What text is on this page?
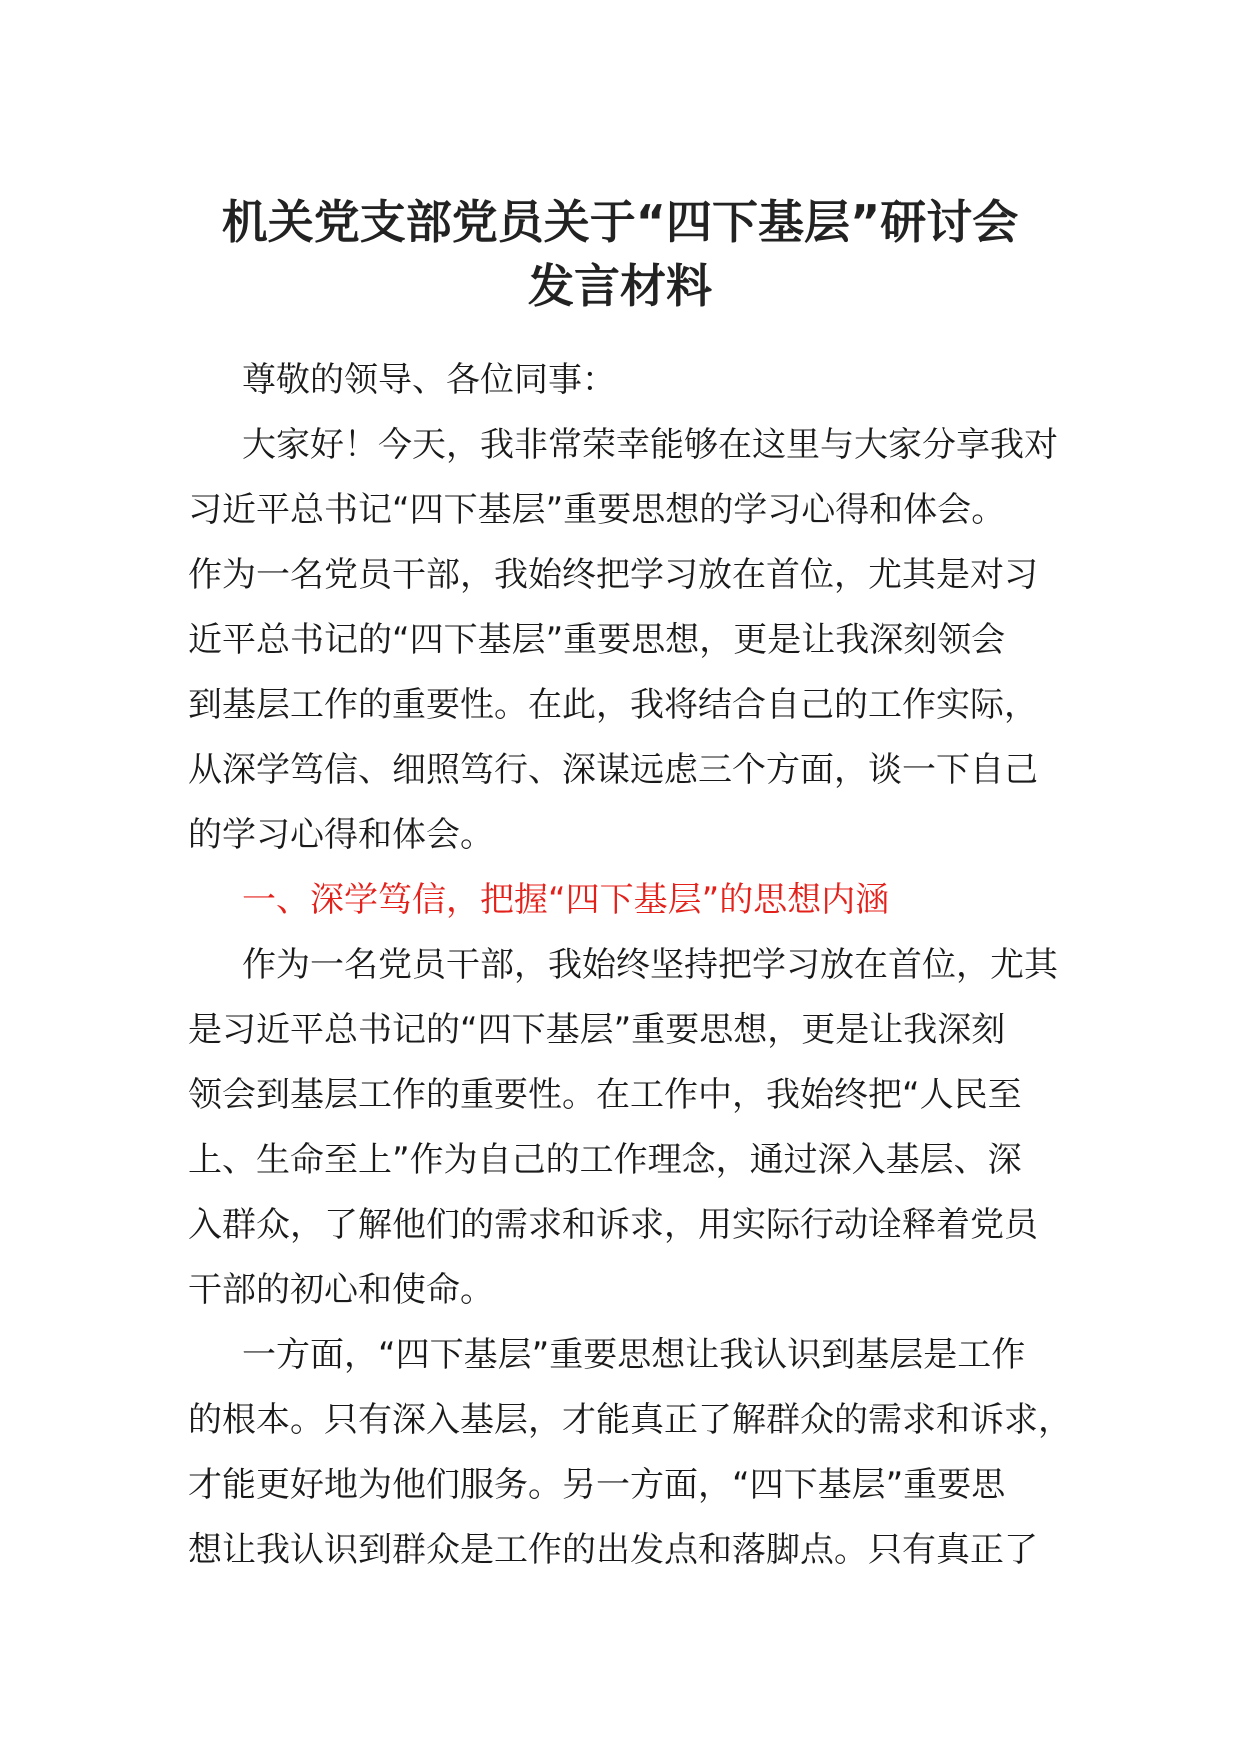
机关党支部党员关于“四下基层”研讨会
发言材料
尊敬的领导、各位同事：
大家好！今天，我非常荣幸能够在这里与大家分享我对
习近平总书记“四下基层”重要思想的学习心得和体会。
作为一名党员干部，我始终把学习放在首位，尤其是对习
近平总书记的“四下基层”重要思想，更是让我深刻领会
到基层工作的重要性。在此，我将结合自己的工作实际，
从深学笃信、细照笃行、深谋远虑三个方面，谈一下自己
的学习心得和体会。
一、深学笃信，把握“四下基层”的思想内涵
作为一名党员干部，我始终坚持把学习放在首位，尤其
是习近平总书记的“四下基层”重要思想，更是让我深刻
领会到基层工作的重要性。在工作中，我始终把“人民至
上、生命至上”作为自己的工作理念，通过深入基层、深
入群众，了解他们的需求和诉求，用实际行动诠释着党员
干部的初心和使命。
一方面，“四下基层”重要思想让我认识到基层是工作
的根本。只有深入基层，才能真正了解群众的需求和诉求，
才能更好地为他们服务。另一方面，“四下基层”重要思
想让我认识到群众是工作的出发点和落脚点。只有真正了
